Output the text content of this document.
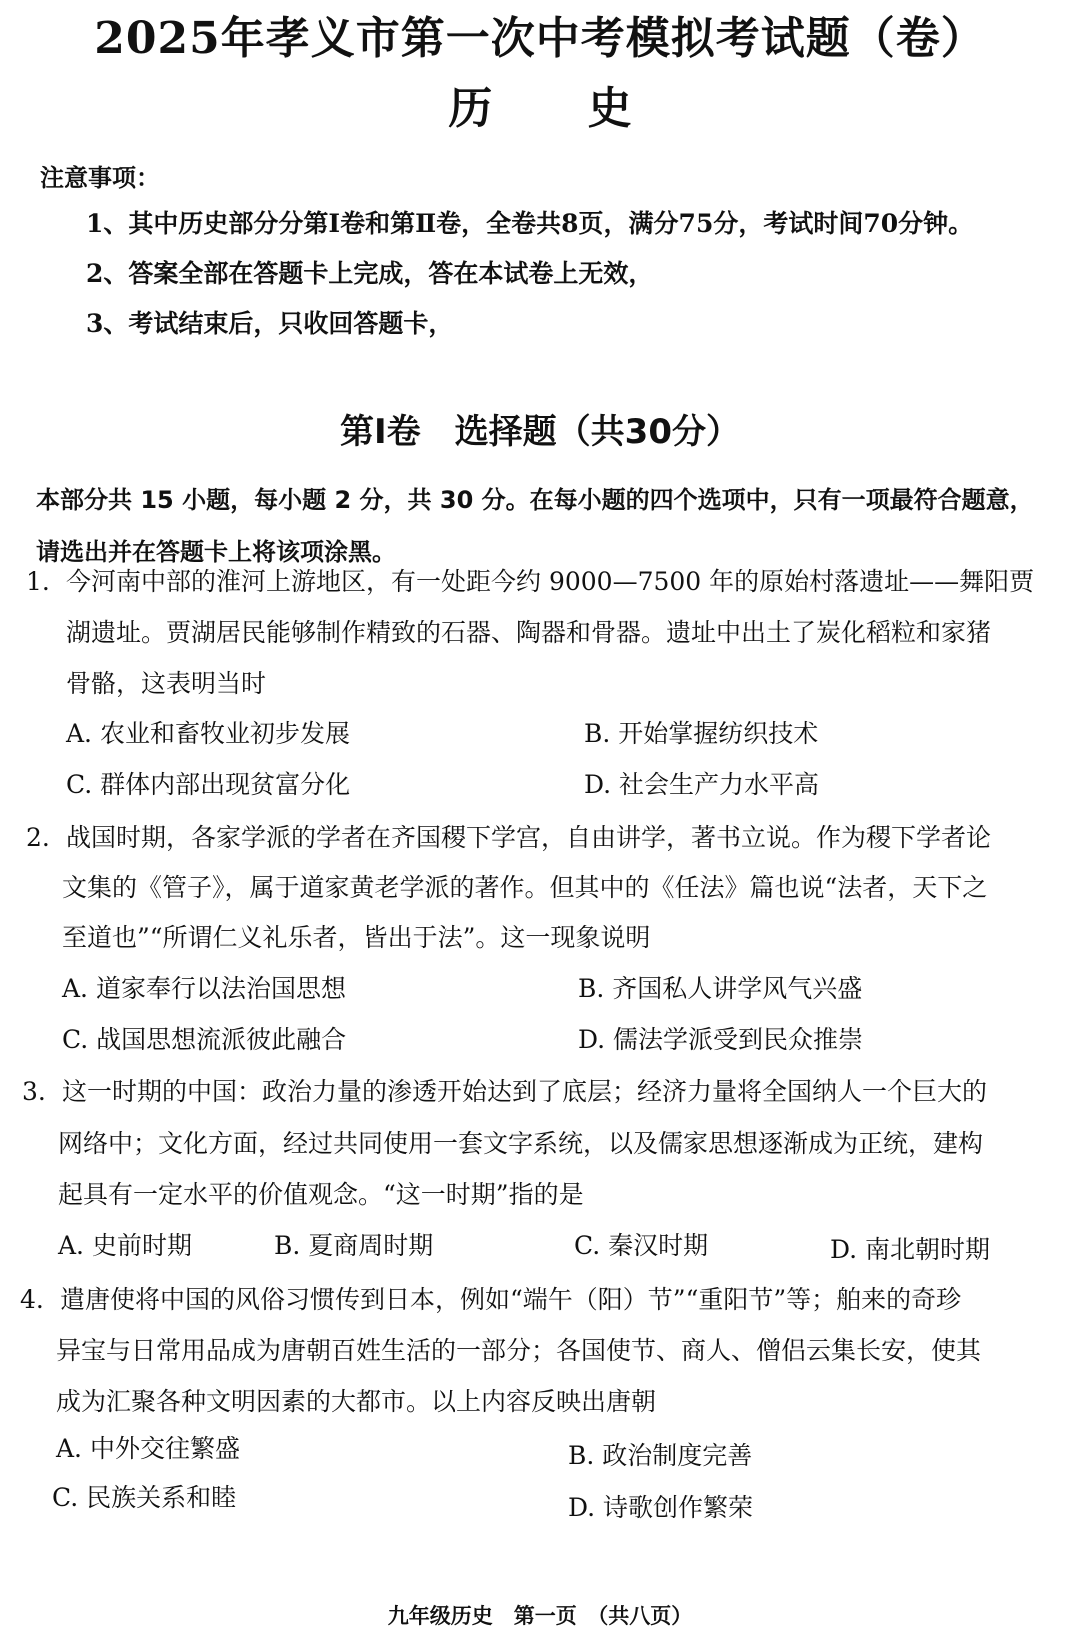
2025年孝义市第一次中考模拟考试题（卷）
历 史
注意事项：
1、其中历史部分分第Ⅰ卷和第Ⅱ卷，全卷共8页，满分75分，考试时间70分钟。
2、答案全部在答题卡上完成，答在本试卷上无效，
3、考试结束后，只收回答题卡，
第Ⅰ卷　选择题（共30分）
本部分共 15 小题，每小题 2 分，共 30 分。在每小题的四个选项中，只有一项最符合题意，
请选出并在答题卡上将该项涂黑。
1. 今河南中部的淮河上游地区，有一处距今约 9000—7500 年的原始村落遗址——舞阳贾
湖遗址。贾湖居民能够制作精致的石器、陶器和骨器。遗址中出土了炭化稻粒和家猪
骨骼，这表明当时
A. 农业和畜牧业初步发展	B. 开始掌握纺织技术
C. 群体内部出现贫富分化	D. 社会生产力水平高
2. 战国时期，各家学派的学者在齐国稷下学宫，自由讲学，著书立说。作为稷下学者论
文集的《管子》，属于道家黄老学派的著作。但其中的《任法》篇也说“法者，天下之
至道也”“所谓仁义礼乐者，皆出于法”。这一现象说明
A. 道家奉行以法治国思想	B. 齐国私人讲学风气兴盛
C. 战国思想流派彼此融合	D. 儒法学派受到民众推崇
3. 这一时期的中国：政治力量的渗透开始达到了底层；经济力量将全国纳人一个巨大的
网络中；文化方面，经过共同使用一套文字系统，以及儒家思想逐渐成为正统，建构
起具有一定水平的价值观念。“这一时期”指的是
A. 史前时期	B. 夏商周时期	C. 秦汉时期	D. 南北朝时期
4. 遣唐使将中国的风俗习惯传到日本，例如“端午（阳）节”“重阳节”等；舶来的奇珍
异宝与日常用品成为唐朝百姓生活的一部分；各国使节、商人、僧侣云集长安，使其
成为汇聚各种文明因素的大都市。以上内容反映出唐朝
A. 中外交往繁盛	B. 政治制度完善
C. 民族关系和睦	D. 诗歌创作繁荣
九年级历史　第一页　（共八页）
